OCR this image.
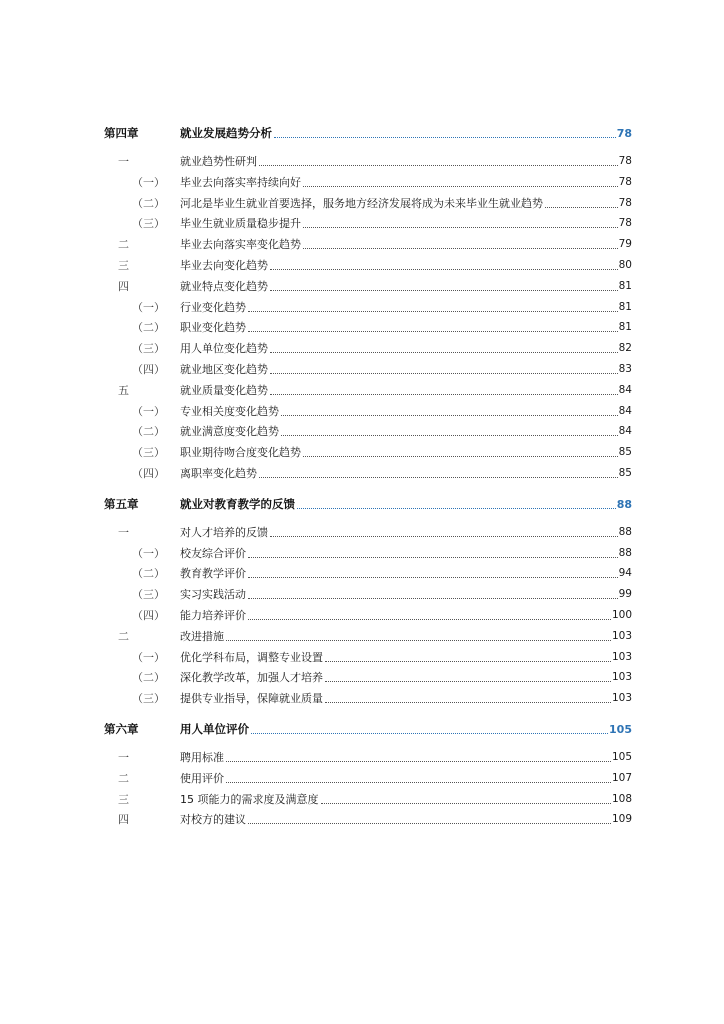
第四章	就业发展趋势分析	78
一	就业趋势性研判	78
（一） 毕业去向落实率持续向好	78
（二） 河北是毕业生就业首要选择，服务地方经济发展将成为未来毕业生就业趋势	78
（三） 毕业生就业质量稳步提升	78
二	毕业去向落实率变化趋势	79
三	毕业去向变化趋势	80
四	就业特点变化趋势	81
（一） 行业变化趋势	81
（二） 职业变化趋势	81
（三） 用人单位变化趋势	82
（四） 就业地区变化趋势	83
五	就业质量变化趋势	84
（一） 专业相关度变化趋势	84
（二） 就业满意度变化趋势	84
（三） 职业期待吻合度变化趋势	85
（四） 离职率变化趋势	85
第五章	就业对教育教学的反馈	88
一	对人才培养的反馈	88
（一） 校友综合评价	88
（二） 教育教学评价	94
（三） 实习实践活动	99
（四） 能力培养评价	100
二	改进措施	103
（一） 优化学科布局，调整专业设置	103
（二） 深化教学改革，加强人才培养	103
（三） 提供专业指导，保障就业质量	103
第六章	用人单位评价	105
一	聘用标准	105
二	使用评价	107
三	15 项能力的需求度及满意度	108
四	对校方的建议	109
